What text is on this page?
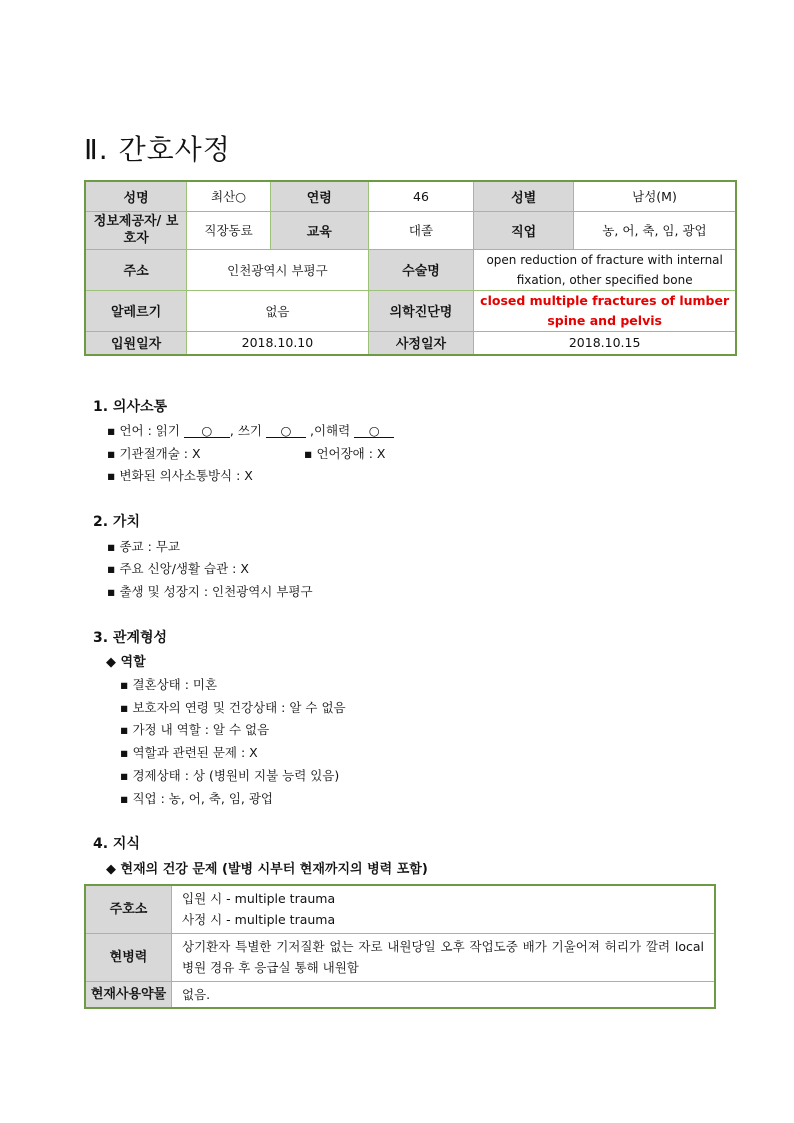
Ⅱ. 간호사정
성명	최산○	연령	46	성별	남성(M)
정보제공자/ 보호자	직장동료	교육	대졸	직업	농, 어, 축, 임, 광업
주소	인천광역시 부평구		수술명	open reduction of fracture with internal fixation, other specified bone	
알레르기	없음		의학진단명	closed multiple fractures of lumber spine and pelvis	
입원일자	2018.10.10		사정일자	2018.10.15	
1. 의사소통
▪ 언어 : 읽기 ○ , 쓰기 ○ ,이해력 ○
▪ 기관절개술 : X	▪ 언어장애 : X
▪ 변화된 의사소통방식 : X
2. 가치
▪ 종교 : 무교
▪ 주요 신앙/생활 습관 : X
▪ 출생 및 성장지 : 인천광역시 부평구
3. 관계형성
◆ 역할
▪ 결혼상태 : 미혼
▪ 보호자의 연령 및 건강상태 : 알 수 없음
▪ 가정 내 역할 : 알 수 없음
▪ 역할과 관련된 문제 : X
▪ 경제상태 : 상 (병원비 지불 능력 있음)
▪ 직업 : 농, 어, 축, 임, 광업
4. 지식
◆ 현재의 건강 문제 (발병 시부터 현재까지의 병력 포함)
주호소	입원 시 - multiple trauma
사정 시 - multiple trauma

현병력	상기환자 특별한 기저질환 없는 자로 내원당일 오후 작업도중 배가 기울어져 허리가 깔려 local 병원 경유 후 응급실 통해 내원함
현재사용약물	없음.
